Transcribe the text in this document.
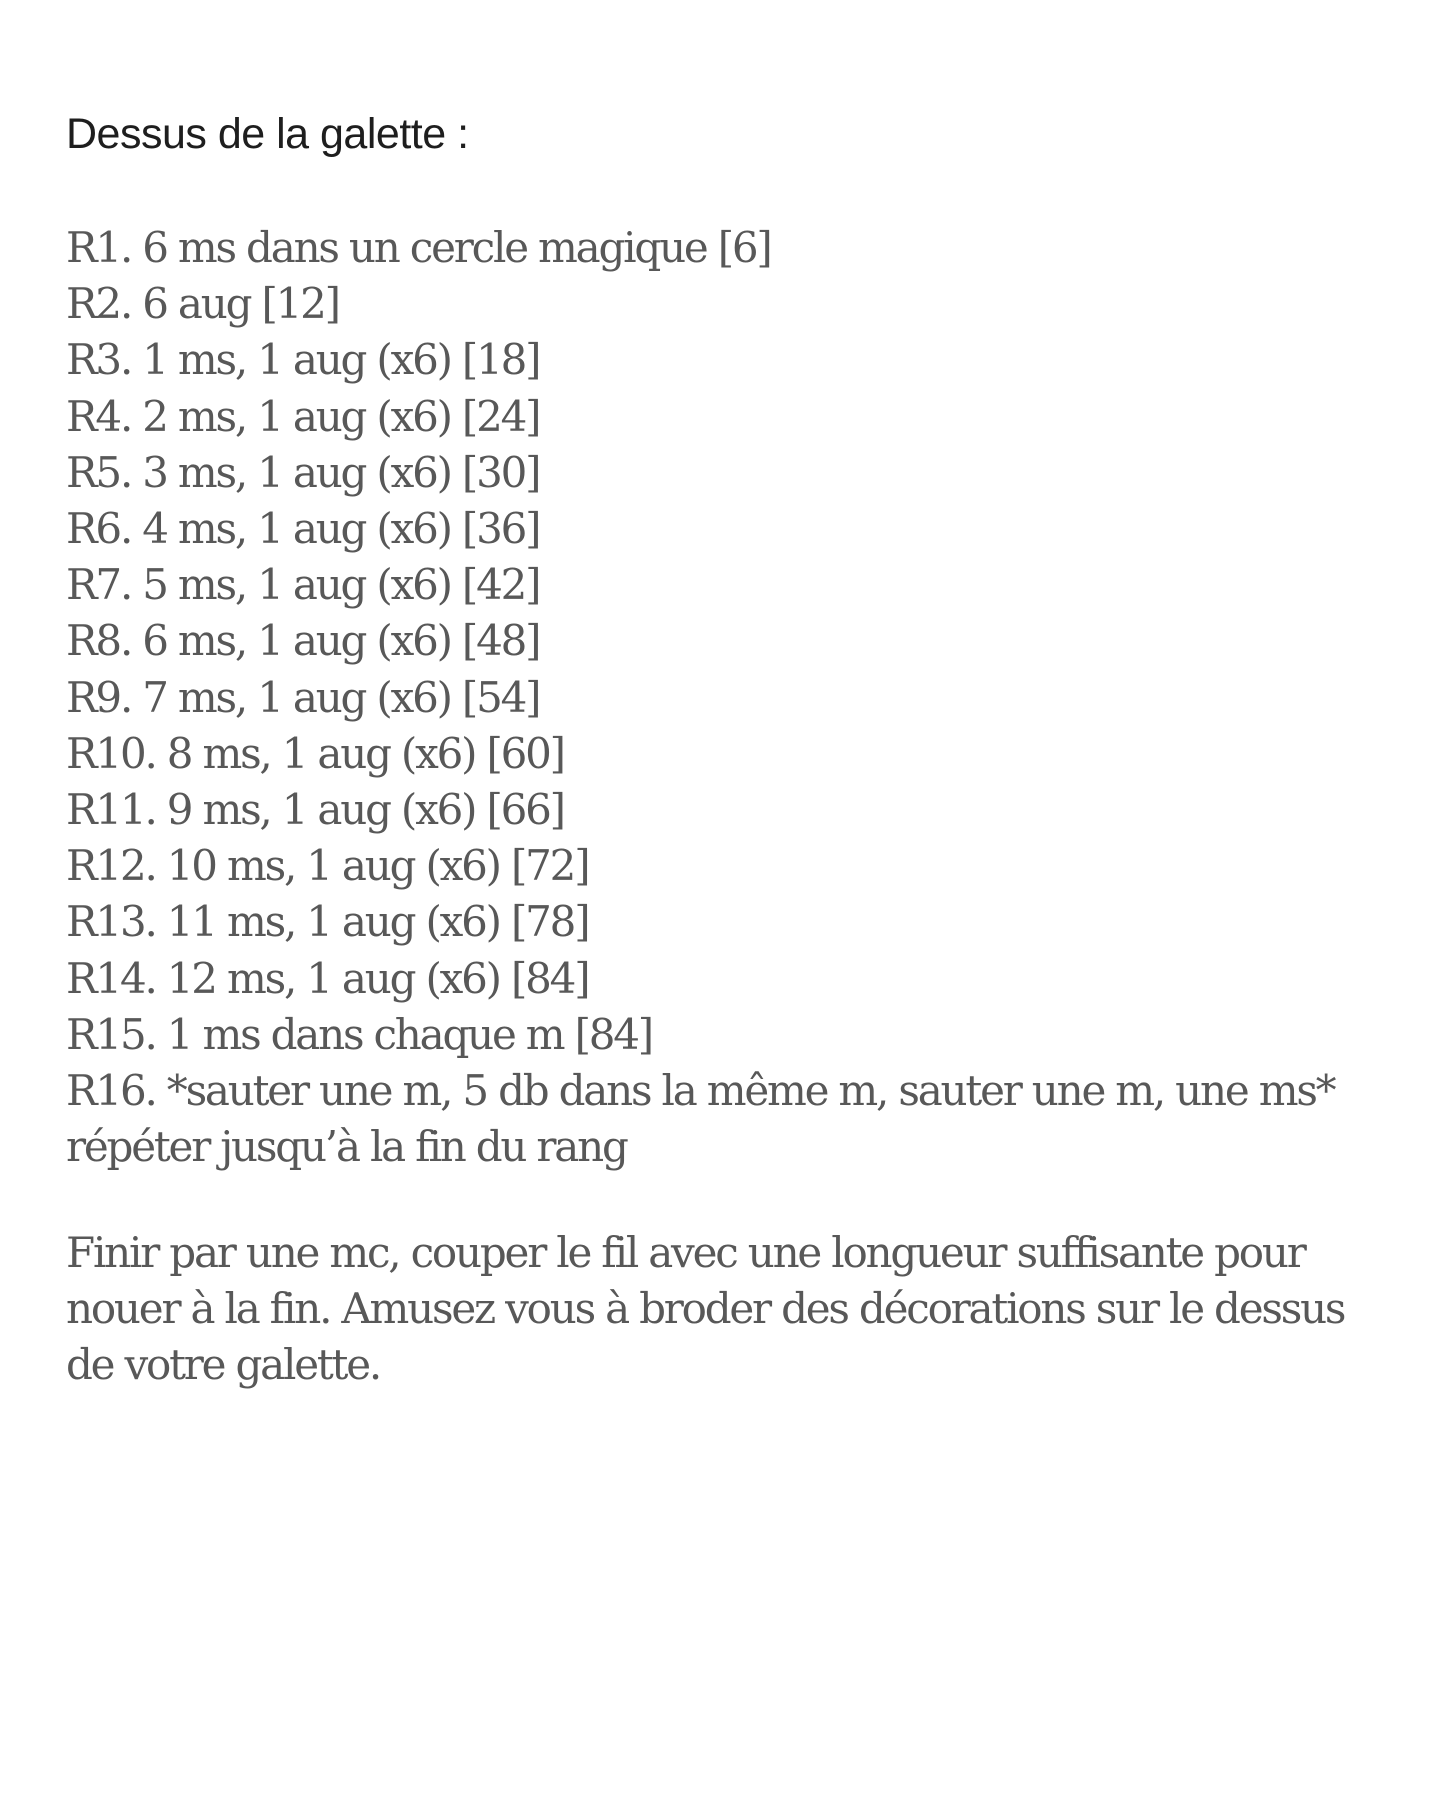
Dessus de la galette :
R1. 6 ms dans un cercle magique [6]
R2. 6 aug [12]
R3. 1 ms, 1 aug (x6) [18]
R4. 2 ms, 1 aug (x6) [24]
R5. 3 ms, 1 aug (x6) [30]
R6. 4 ms, 1 aug (x6) [36]
R7. 5 ms, 1 aug (x6) [42]
R8. 6 ms, 1 aug (x6) [48]
R9. 7 ms, 1 aug (x6) [54]
R10. 8 ms, 1 aug (x6) [60]
R11. 9 ms, 1 aug (x6) [66]
R12. 10 ms, 1 aug (x6) [72]
R13. 11 ms, 1 aug (x6) [78]
R14. 12 ms, 1 aug (x6) [84]
R15. 1 ms dans chaque m [84]
R16. *sauter une m, 5 db dans la même m, sauter une m, une ms* répéter jusqu’à la fin du rang

Finir par une mc, couper le fil avec une longueur suffisante pour nouer à la fin. Amusez vous à broder des décorations sur le dessus de votre galette.
